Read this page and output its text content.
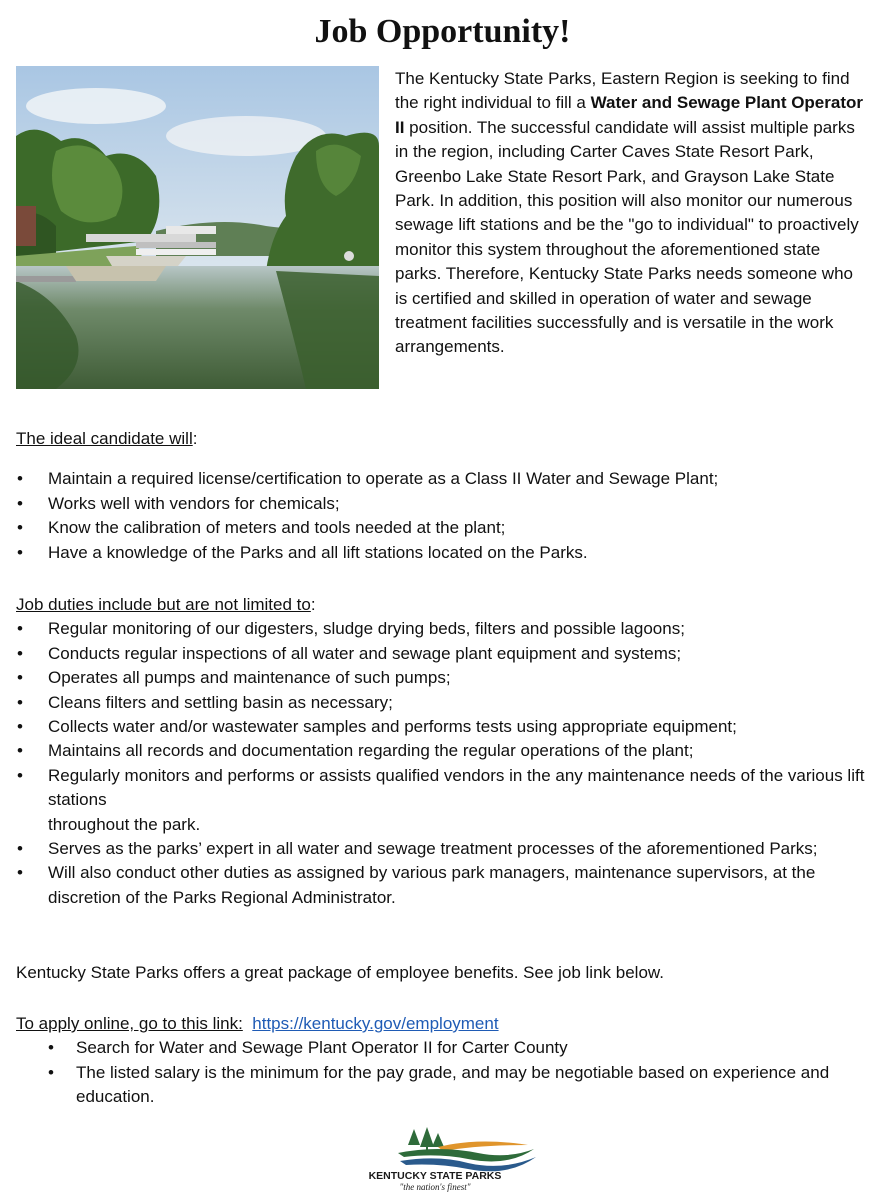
Job Opportunity!
The Kentucky State Parks, Eastern Region is seeking to find the right individual to fill a Water and Sewage Plant Operator II position. The successful candidate will assist multiple parks in the region, including Carter Caves State Resort Park, Greenbo Lake State Resort Park, and Grayson Lake State Park. In addition, this position will also monitor our numerous sewage lift stations and be the "go to individual" to proactively monitor this system throughout the aforementioned state parks. Therefore, Kentucky State Parks needs someone who is certified and skilled in operation of water and sewage treatment facilities successfully and is versatile in the work arrangements.
The ideal candidate will:
• Maintain a required license/certification to operate as a Class II Water and Sewage Plant;
• Works well with vendors for chemicals;
• Know the calibration of meters and tools needed at the plant;
• Have a knowledge of the Parks and all lift stations located on the Parks.
Job duties include but are not limited to:
• Regular monitoring of our digesters, sludge drying beds, filters and possible lagoons;
• Conducts regular inspections of all water and sewage plant equipment and systems;
• Operates all pumps and maintenance of such pumps;
• Cleans filters and settling basin as necessary;
• Collects water and/or wastewater samples and performs tests using appropriate equipment;
• Maintains all records and documentation regarding the regular operations of the plant;
• Regularly monitors and performs or assists qualified vendors in the any maintenance needs of the various lift stations
throughout the park.
• Serves as the parks’ expert in all water and sewage treatment processes of the aforementioned Parks;
• Will also conduct other duties as assigned by various park managers, maintenance supervisors, at the discretion of the Parks Regional Administrator.
Kentucky State Parks offers a great package of employee benefits. See job link below.
To apply online, go to this link: https://kentucky.gov/employment
• Search for Water and Sewage Plant Operator II for Carter County
• The listed salary is the minimum for the pay grade, and may be negotiable based on experience and education.
KENTUCKY STATE PARKS
"the nation's finest"
